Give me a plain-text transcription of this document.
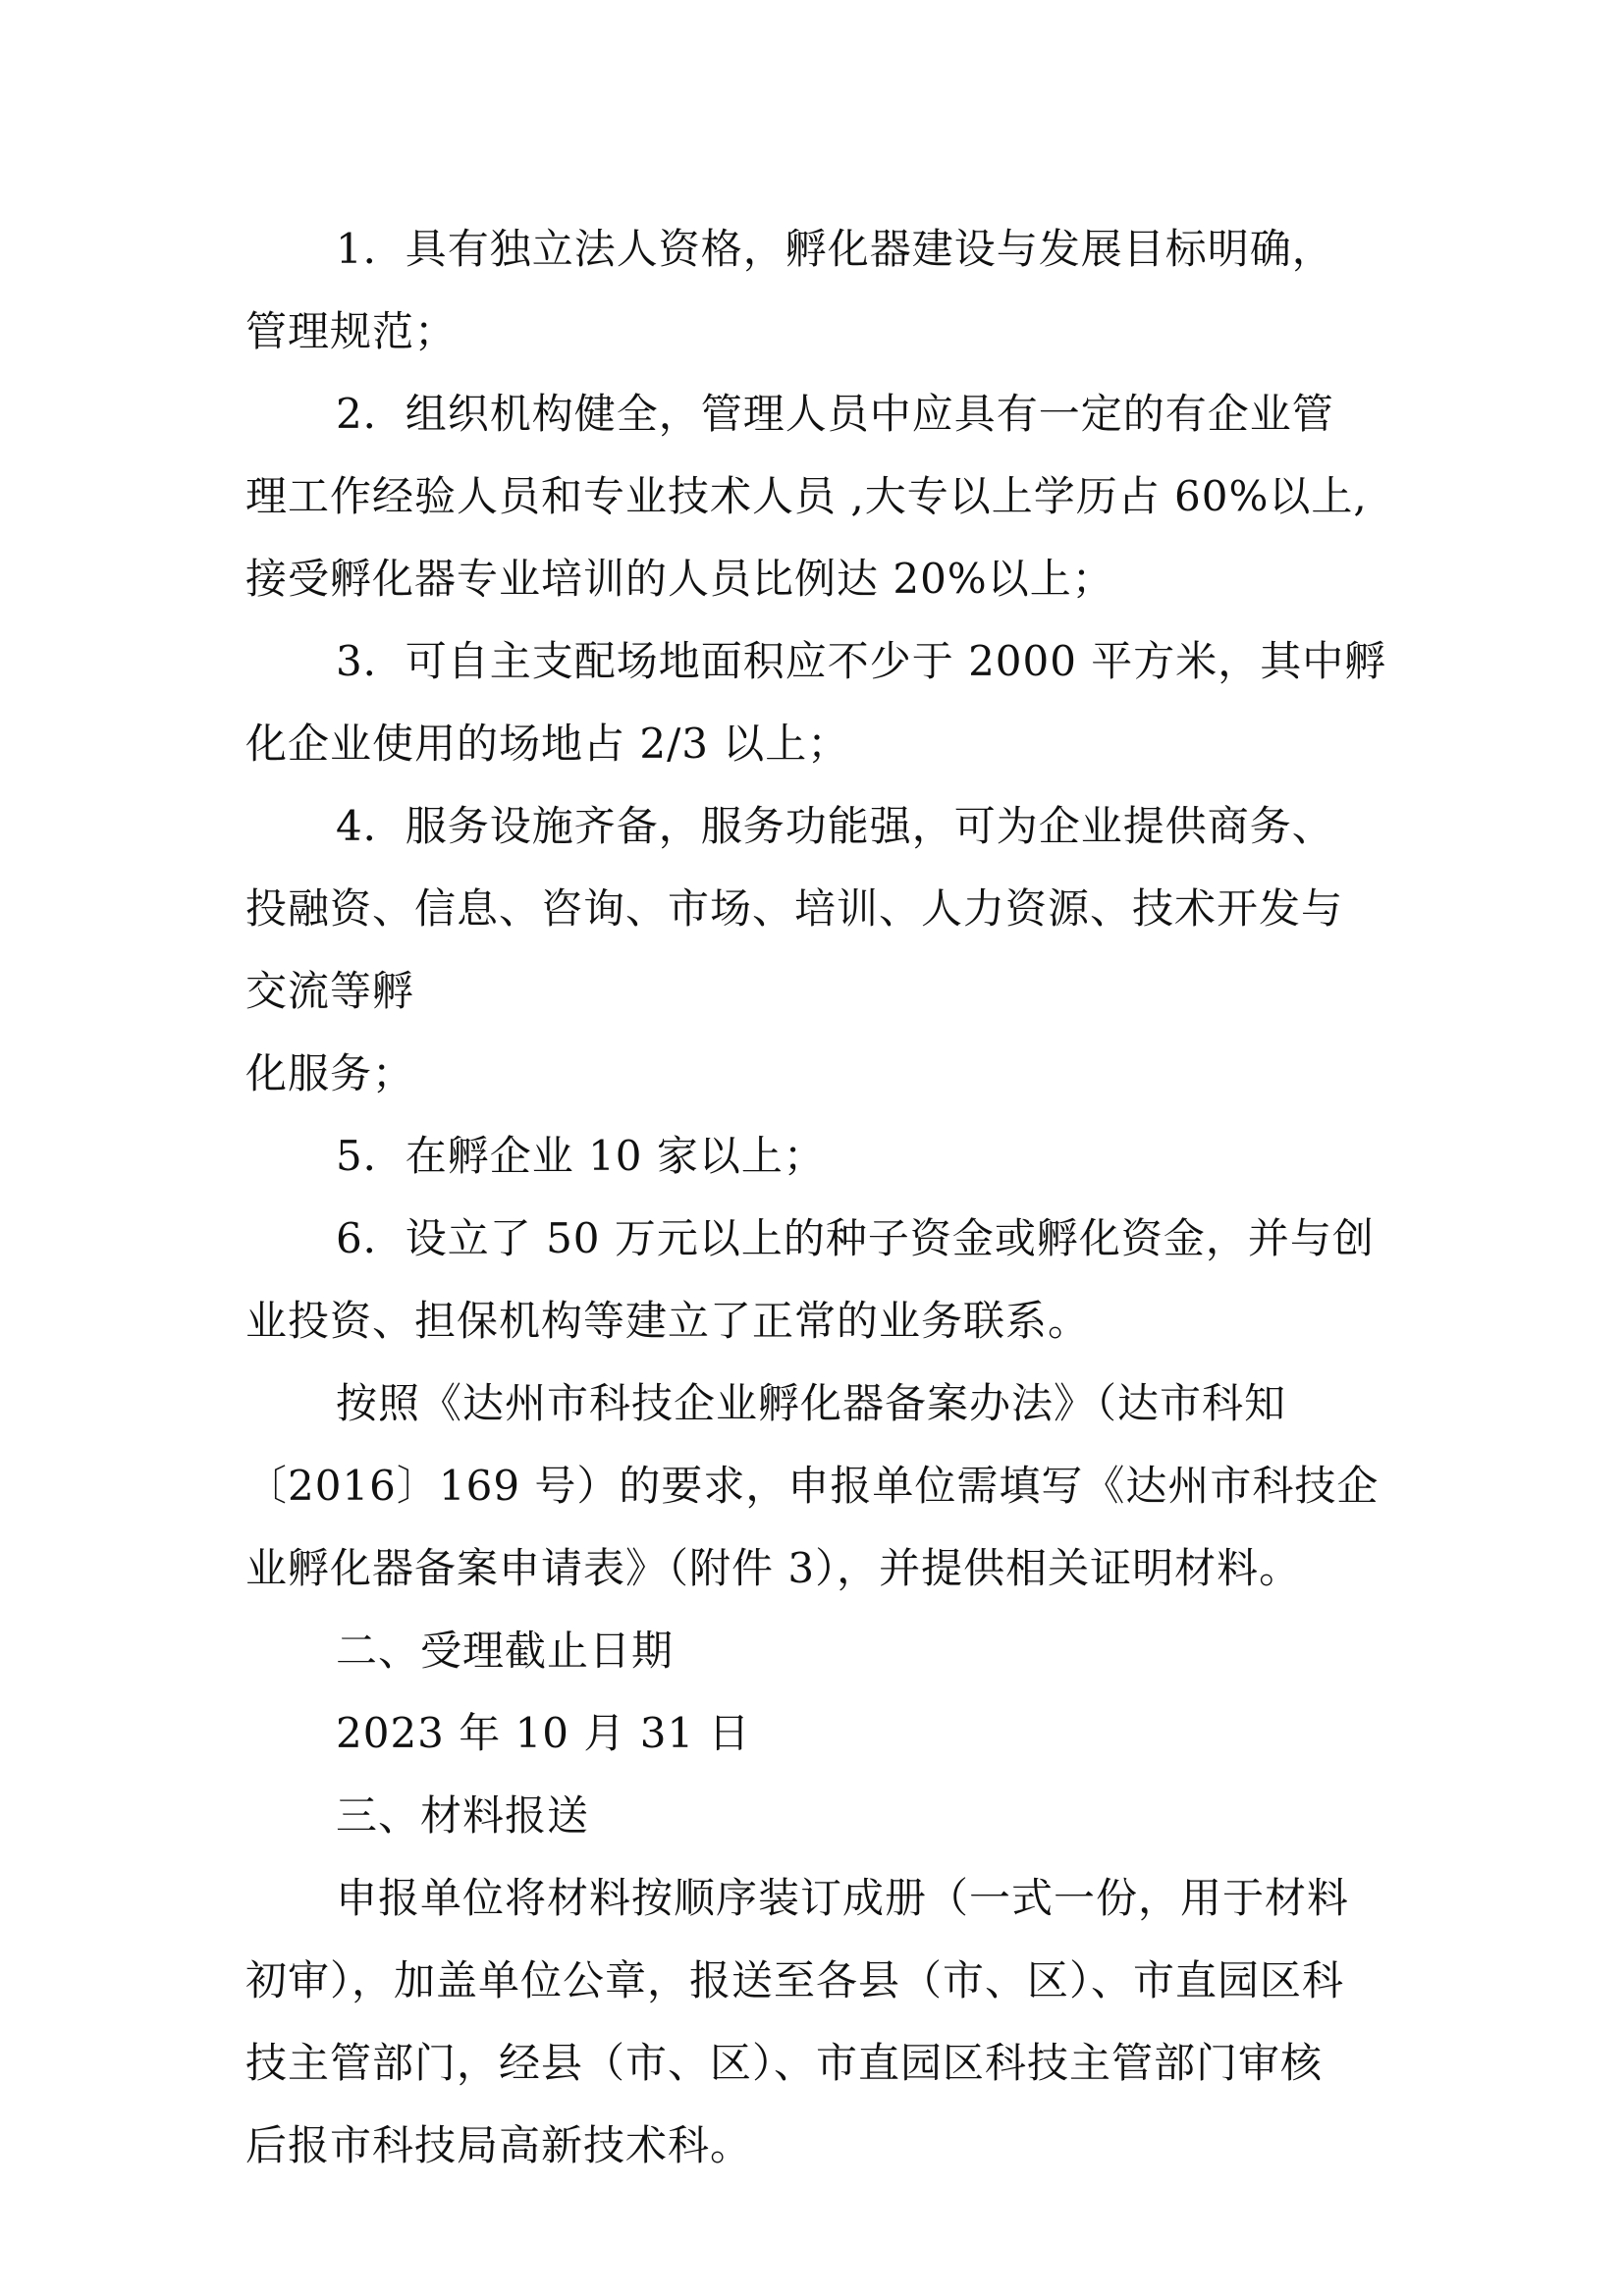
1．具有独立法人资格，孵化器建设与发展目标明确，

管理规范；

2．组织机构健全，管理人员中应具有一定的有企业管

理工作经验人员和专业技术人员 ,大专以上学历占 60%以上,

接受孵化器专业培训的人员比例达 20%以上；

3．可自主支配场地面积应不少于 2000 平方米，其中孵

化企业使用的场地占 2/3 以上；

4．服务设施齐备，服务功能强，可为企业提供商务、

投融资、信息、咨询、市场、培训、人力资源、技术开发与

交流等孵

化服务；

5．在孵企业 10 家以上；

6．设立了 50 万元以上的种子资金或孵化资金，并与创

业投资、担保机构等建立了正常的业务联系。

按照《达州市科技企业孵化器备案办法》（达市科知

〔2016〕169 号）的要求，申报单位需填写《达州市科技企

业孵化器备案申请表》（附件 3），并提供相关证明材料。

二、受理截止日期

2023 年 10 月 31 日

三、材料报送

申报单位将材料按顺序装订成册（一式一份，用于材料

初审），加盖单位公章，报送至各县（市、区）、市直园区科

技主管部门，经县（市、区）、市直园区科技主管部门审核

后报市科技局高新技术科。
